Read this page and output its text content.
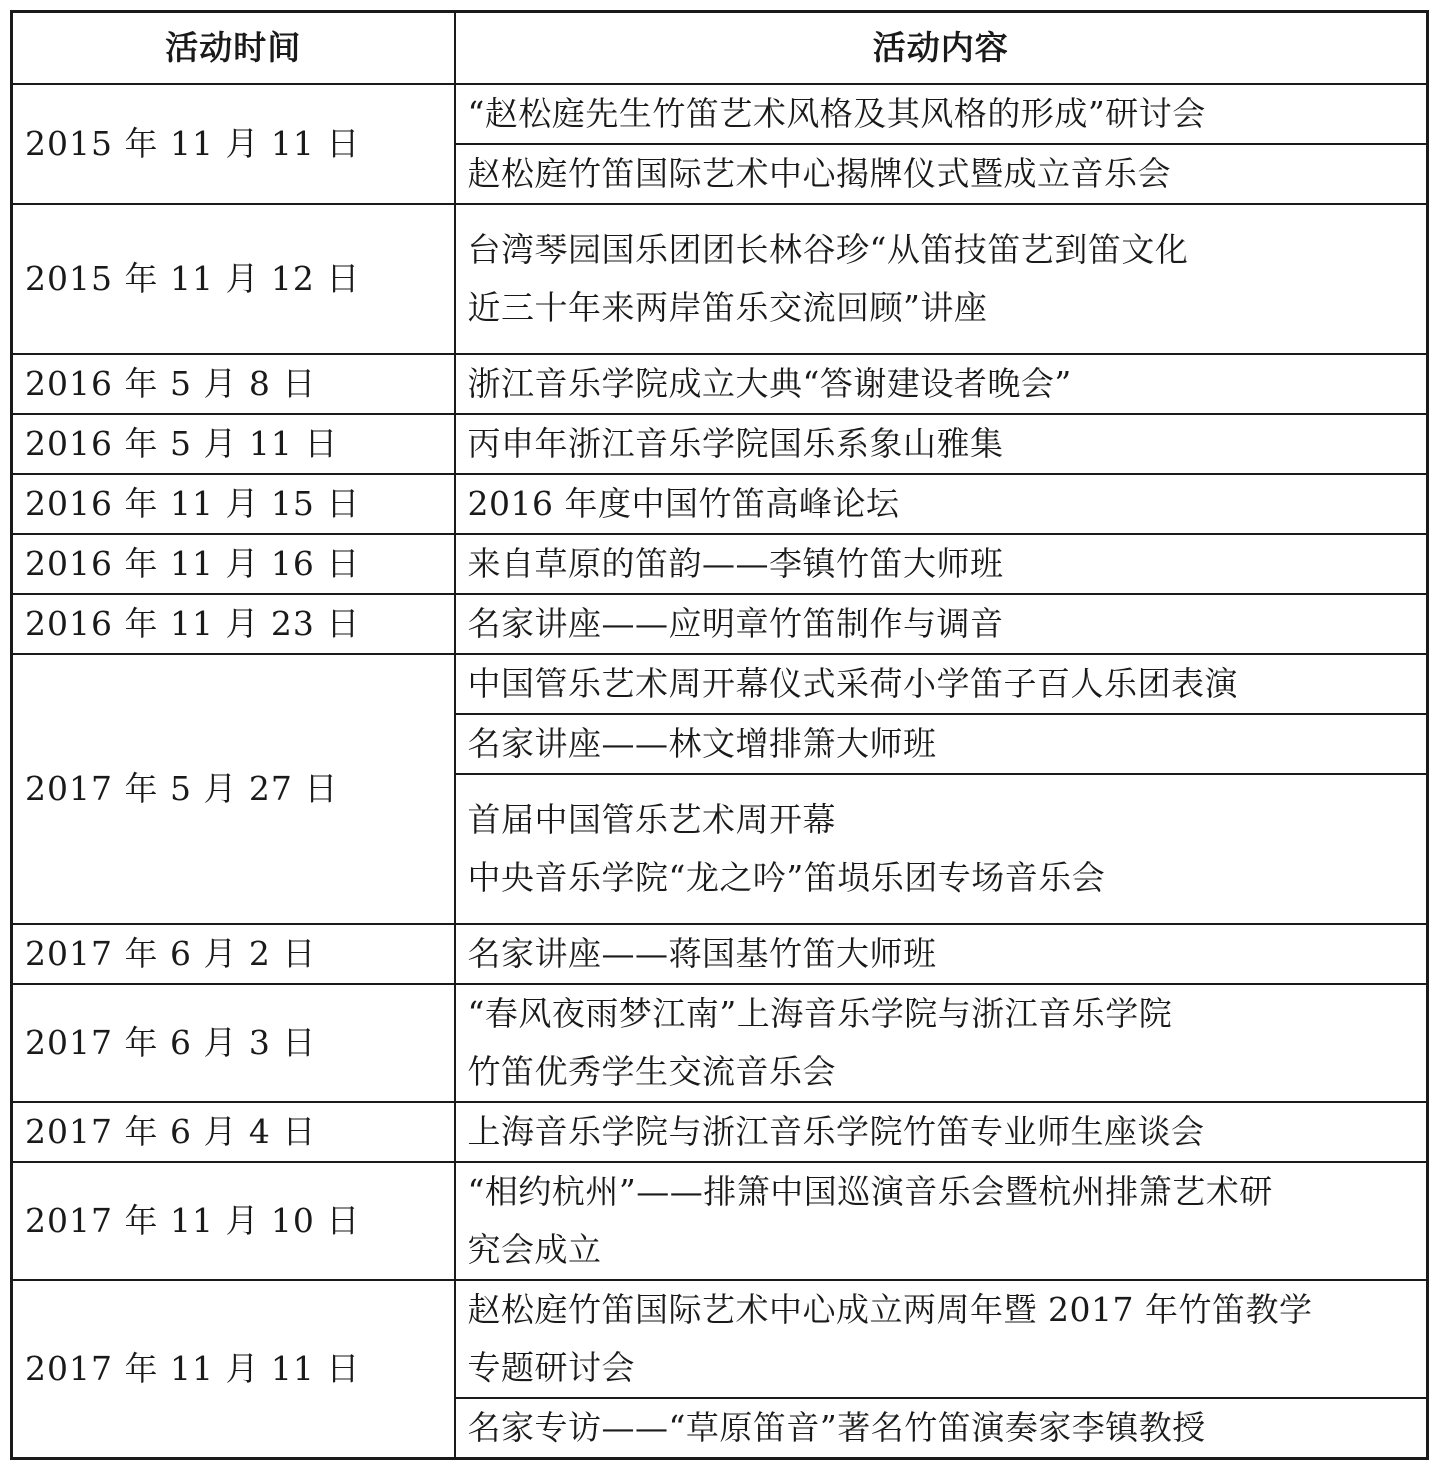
活动时间	活动内容
2015 年 11 月 11 日	“赵松庭先生竹笛艺术风格及其风格的形成”研讨会
	赵松庭竹笛国际艺术中心揭牌仪式暨成立音乐会
2015 年 11 月 12 日	台湾琴园国乐团团长林谷珍“从笛技笛艺到笛文化
近三十年来两岸笛乐交流回顾”讲座
2016 年 5 月 8 日	浙江音乐学院成立大典“答谢建设者晚会”
2016 年 5 月 11 日	丙申年浙江音乐学院国乐系象山雅集
2016 年 11 月 15 日	2016 年度中国竹笛高峰论坛
2016 年 11 月 16 日	来自草原的笛韵——李镇竹笛大师班
2016 年 11 月 23 日	名家讲座——应明章竹笛制作与调音
2017 年 5 月 27 日	中国管乐艺术周开幕仪式采荷小学笛子百人乐团表演
	名家讲座——林文增排箫大师班
	首届中国管乐艺术周开幕
中央音乐学院“龙之吟”笛埙乐团专场音乐会
2017 年 6 月 2 日	名家讲座——蒋国基竹笛大师班
2017 年 6 月 3 日	“春风夜雨梦江南”上海音乐学院与浙江音乐学院
竹笛优秀学生交流音乐会
2017 年 6 月 4 日	上海音乐学院与浙江音乐学院竹笛专业师生座谈会
2017 年 11 月 10 日	“相约杭州”——排箫中国巡演音乐会暨杭州排箫艺术研
究会成立
2017 年 11 月 11 日	赵松庭竹笛国际艺术中心成立两周年暨 2017 年竹笛教学
专题研讨会
	名家专访——“草原笛音”著名竹笛演奏家李镇教授
